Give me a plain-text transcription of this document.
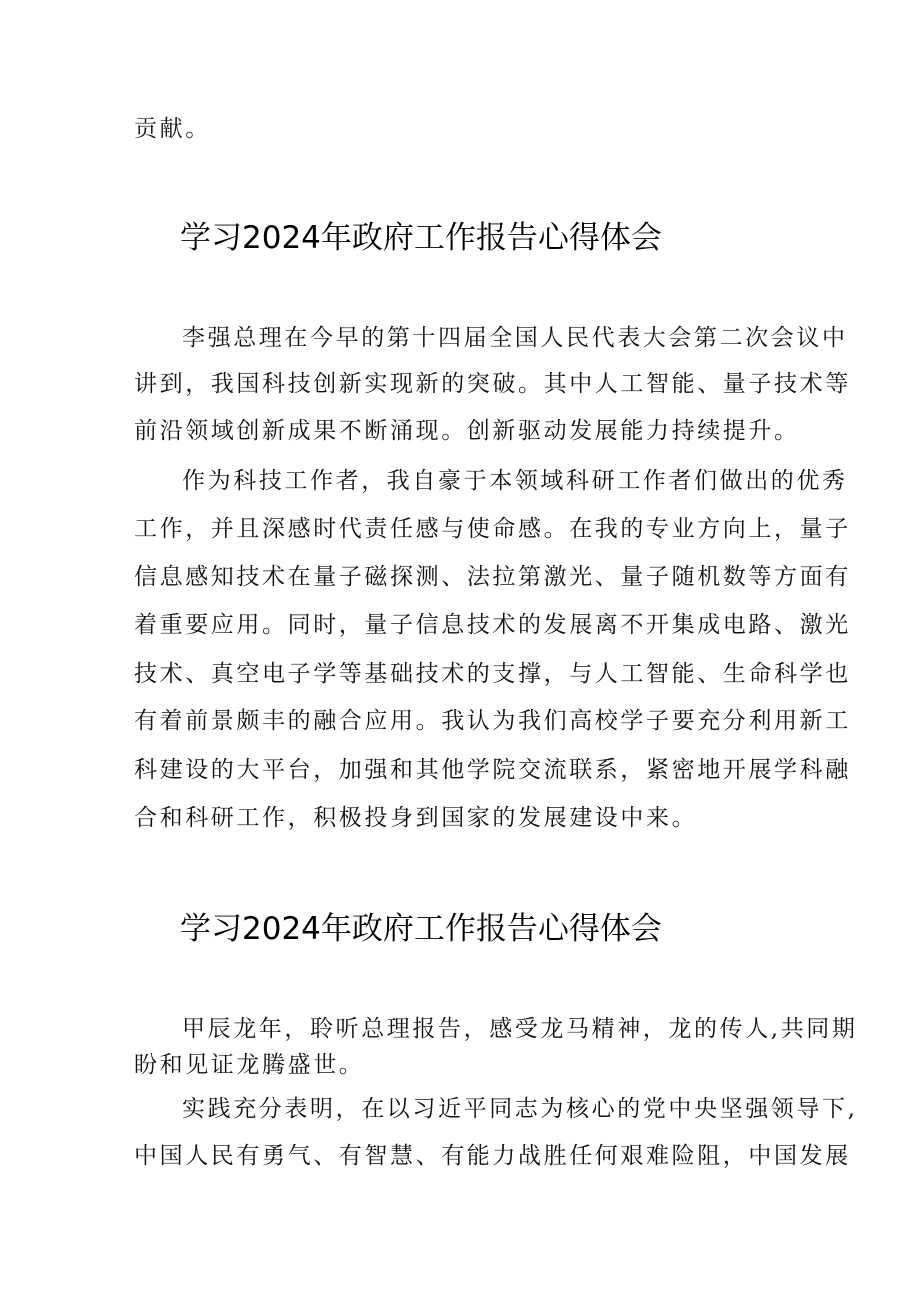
贡献。
学习2024年政府工作报告心得体会
李强总理在今早的第十四届全国人民代表大会第二次会议中
讲到，我国科技创新实现新的突破。其中人工智能、量子技术等
前沿领域创新成果不断涌现。创新驱动发展能力持续提升。
作为科技工作者，我自豪于本领域科研工作者们做出的优秀
工作，并且深感时代责任感与使命感。在我的专业方向上，量子
信息感知技术在量子磁探测、法拉第激光、量子随机数等方面有
着重要应用。同时，量子信息技术的发展离不开集成电路、激光
技术、真空电子学等基础技术的支撑，与人工智能、生命科学也
有着前景颇丰的融合应用。我认为我们高校学子要充分利用新工
科建设的大平台，加强和其他学院交流联系，紧密地开展学科融
合和科研工作，积极投身到国家的发展建设中来。
学习2024年政府工作报告心得体会
甲辰龙年，聆听总理报告，感受龙马精神，龙的传人,共同期
盼和见证龙腾盛世。
实践充分表明，在以习近平同志为核心的党中央坚强领导下,
中国人民有勇气、有智慧、有能力战胜任何艰难险阻，中国发展
